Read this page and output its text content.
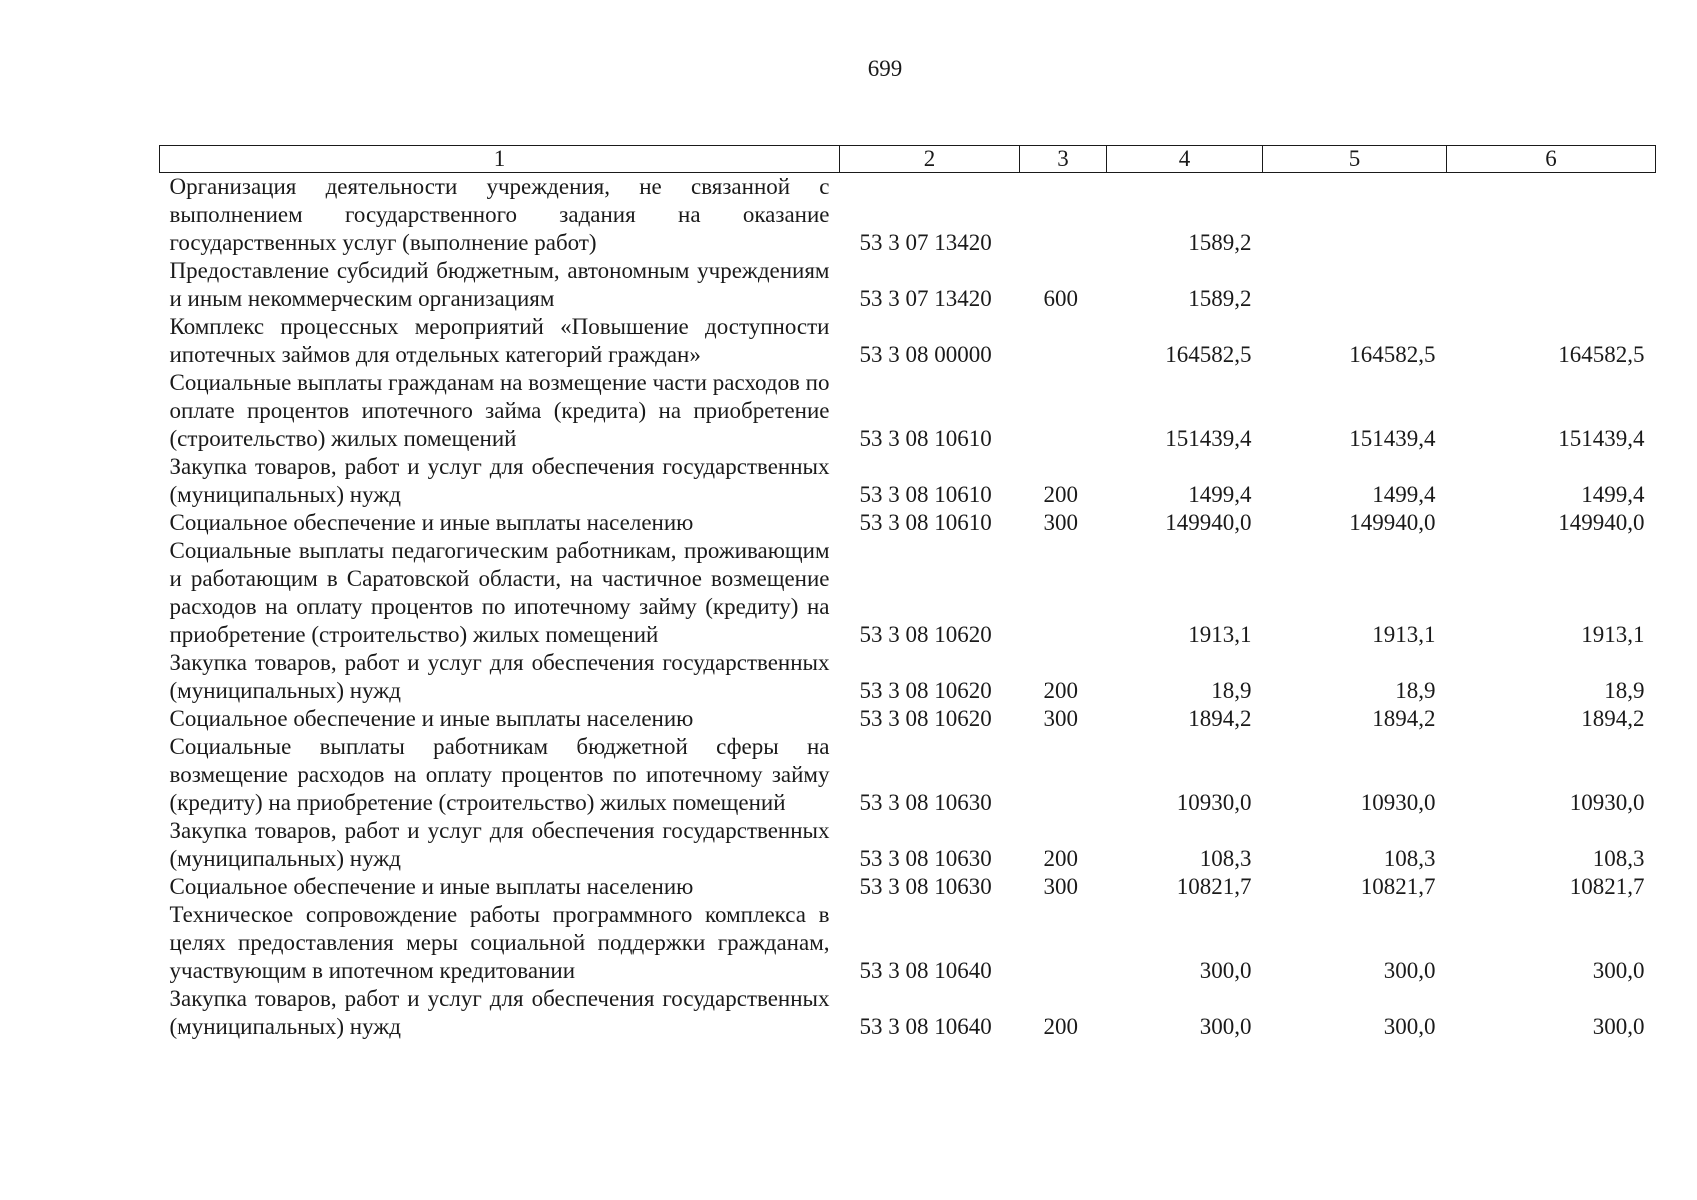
699
1	2	3	4	5	6
Организация деятельности учреждения, не связанной с выполнением государственного задания на оказание государственных услуг (выполнение работ)	53 3 07 13420		1589,2		
Предоставление субсидий бюджетным, автономным учреждениям и иным некоммерческим организациям	53 3 07 13420	600	1589,2		
Комплекс процессных мероприятий «Повышение доступности ипотечных займов для отдельных категорий граждан»	53 3 08 00000		164582,5	164582,5	164582,5
Социальные выплаты гражданам на возмещение части расходов по оплате процентов ипотечного займа (кредита) на приобретение (строительство) жилых помещений	53 3 08 10610		151439,4	151439,4	151439,4
Закупка товаров, работ и услуг для обеспечения государственных (муниципальных) нужд	53 3 08 10610	200	1499,4	1499,4	1499,4
Социальное обеспечение и иные выплаты населению	53 3 08 10610	300	149940,0	149940,0	149940,0
Социальные выплаты педагогическим работникам, проживающим и работающим в Саратовской области, на частичное возмещение расходов на оплату процентов по ипотечному займу (кредиту) на приобретение (строительство) жилых помещений	53 3 08 10620		1913,1	1913,1	1913,1
Закупка товаров, работ и услуг для обеспечения государственных (муниципальных) нужд	53 3 08 10620	200	18,9	18,9	18,9
Социальное обеспечение и иные выплаты населению	53 3 08 10620	300	1894,2	1894,2	1894,2
Социальные выплаты работникам бюджетной сферы на возмещение расходов на оплату процентов по ипотечному займу (кредиту) на приобретение (строительство) жилых помещений	53 3 08 10630		10930,0	10930,0	10930,0
Закупка товаров, работ и услуг для обеспечения государственных (муниципальных) нужд	53 3 08 10630	200	108,3	108,3	108,3
Социальное обеспечение и иные выплаты населению	53 3 08 10630	300	10821,7	10821,7	10821,7
Техническое сопровождение работы программного комплекса в целях предоставления меры социальной поддержки гражданам, участвующим в ипотечном кредитовании	53 3 08 10640		300,0	300,0	300,0
Закупка товаров, работ и услуг для обеспечения государственных (муниципальных) нужд	53 3 08 10640	200	300,0	300,0	300,0
